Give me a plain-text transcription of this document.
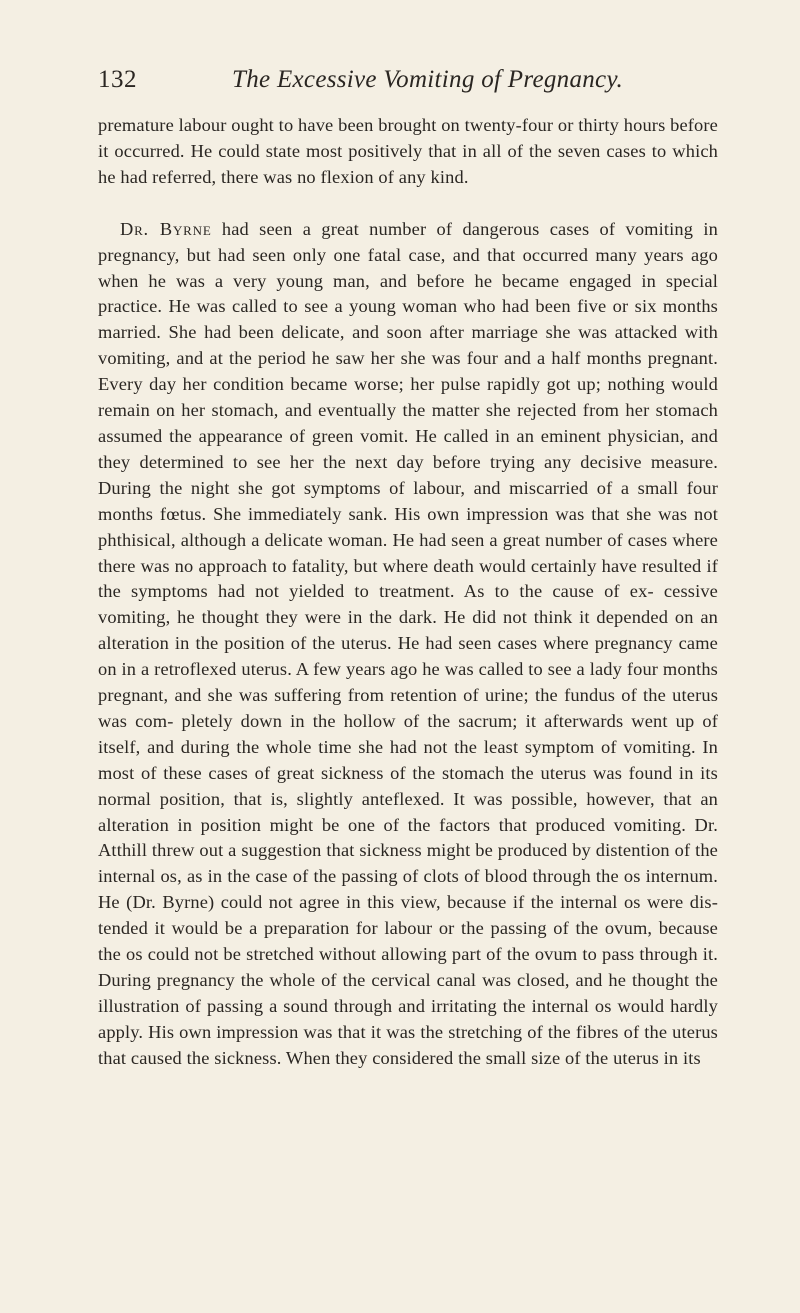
132	The Excessive Vomiting of Pregnancy.

premature labour ought to have been brought on twenty-four or thirty hours before it occurred. He could state most positively that in all of the seven cases to which he had referred, there was no flexion of any kind.

Dr. Byrne had seen a great number of dangerous cases of vomiting in pregnancy, but had seen only one fatal case, and that occurred many years ago when he was a very young man, and before he became engaged in special practice. He was called to see a young woman who had been five or six months married. She had been delicate, and soon after marriage she was attacked with vomiting, and at the period he saw her she was four and a half months pregnant. Every day her condition became worse; her pulse rapidly got up; nothing would remain on her stomach, and eventually the matter she rejected from her stomach assumed the appearance of green vomit. He called in an eminent physician, and they determined to see her the next day before trying any decisive measure. During the night she got symptoms of labour, and miscarried of a small four months fœtus. She immediately sank. His own impression was that she was not phthisical, although a delicate woman. He had seen a great number of cases where there was no approach to fatality, but where death would certainly have resulted if the symptoms had not yielded to treatment. As to the cause of ex- cessive vomiting, he thought they were in the dark. He did not think it depended on an alteration in the position of the uterus. He had seen cases where pregnancy came on in a retroflexed uterus. A few years ago he was called to see a lady four months pregnant, and she was suffering from retention of urine; the fundus of the uterus was com- pletely down in the hollow of the sacrum; it afterwards went up of itself, and during the whole time she had not the least symptom of vomiting. In most of these cases of great sickness of the stomach the uterus was found in its normal position, that is, slightly anteflexed. It was possible, however, that an alteration in position might be one of the factors that produced vomiting. Dr. Atthill threw out a suggestion that sickness might be produced by distention of the internal os, as in the case of the passing of clots of blood through the os internum. He (Dr. Byrne) could not agree in this view, because if the internal os were dis- tended it would be a preparation for labour or the passing of the ovum, because the os could not be stretched without allowing part of the ovum to pass through it. During pregnancy the whole of the cervical canal was closed, and he thought the illustration of passing a sound through and irritating the internal os would hardly apply. His own impression was that it was the stretching of the fibres of the uterus that caused the sickness. When they considered the small size of the uterus in its
